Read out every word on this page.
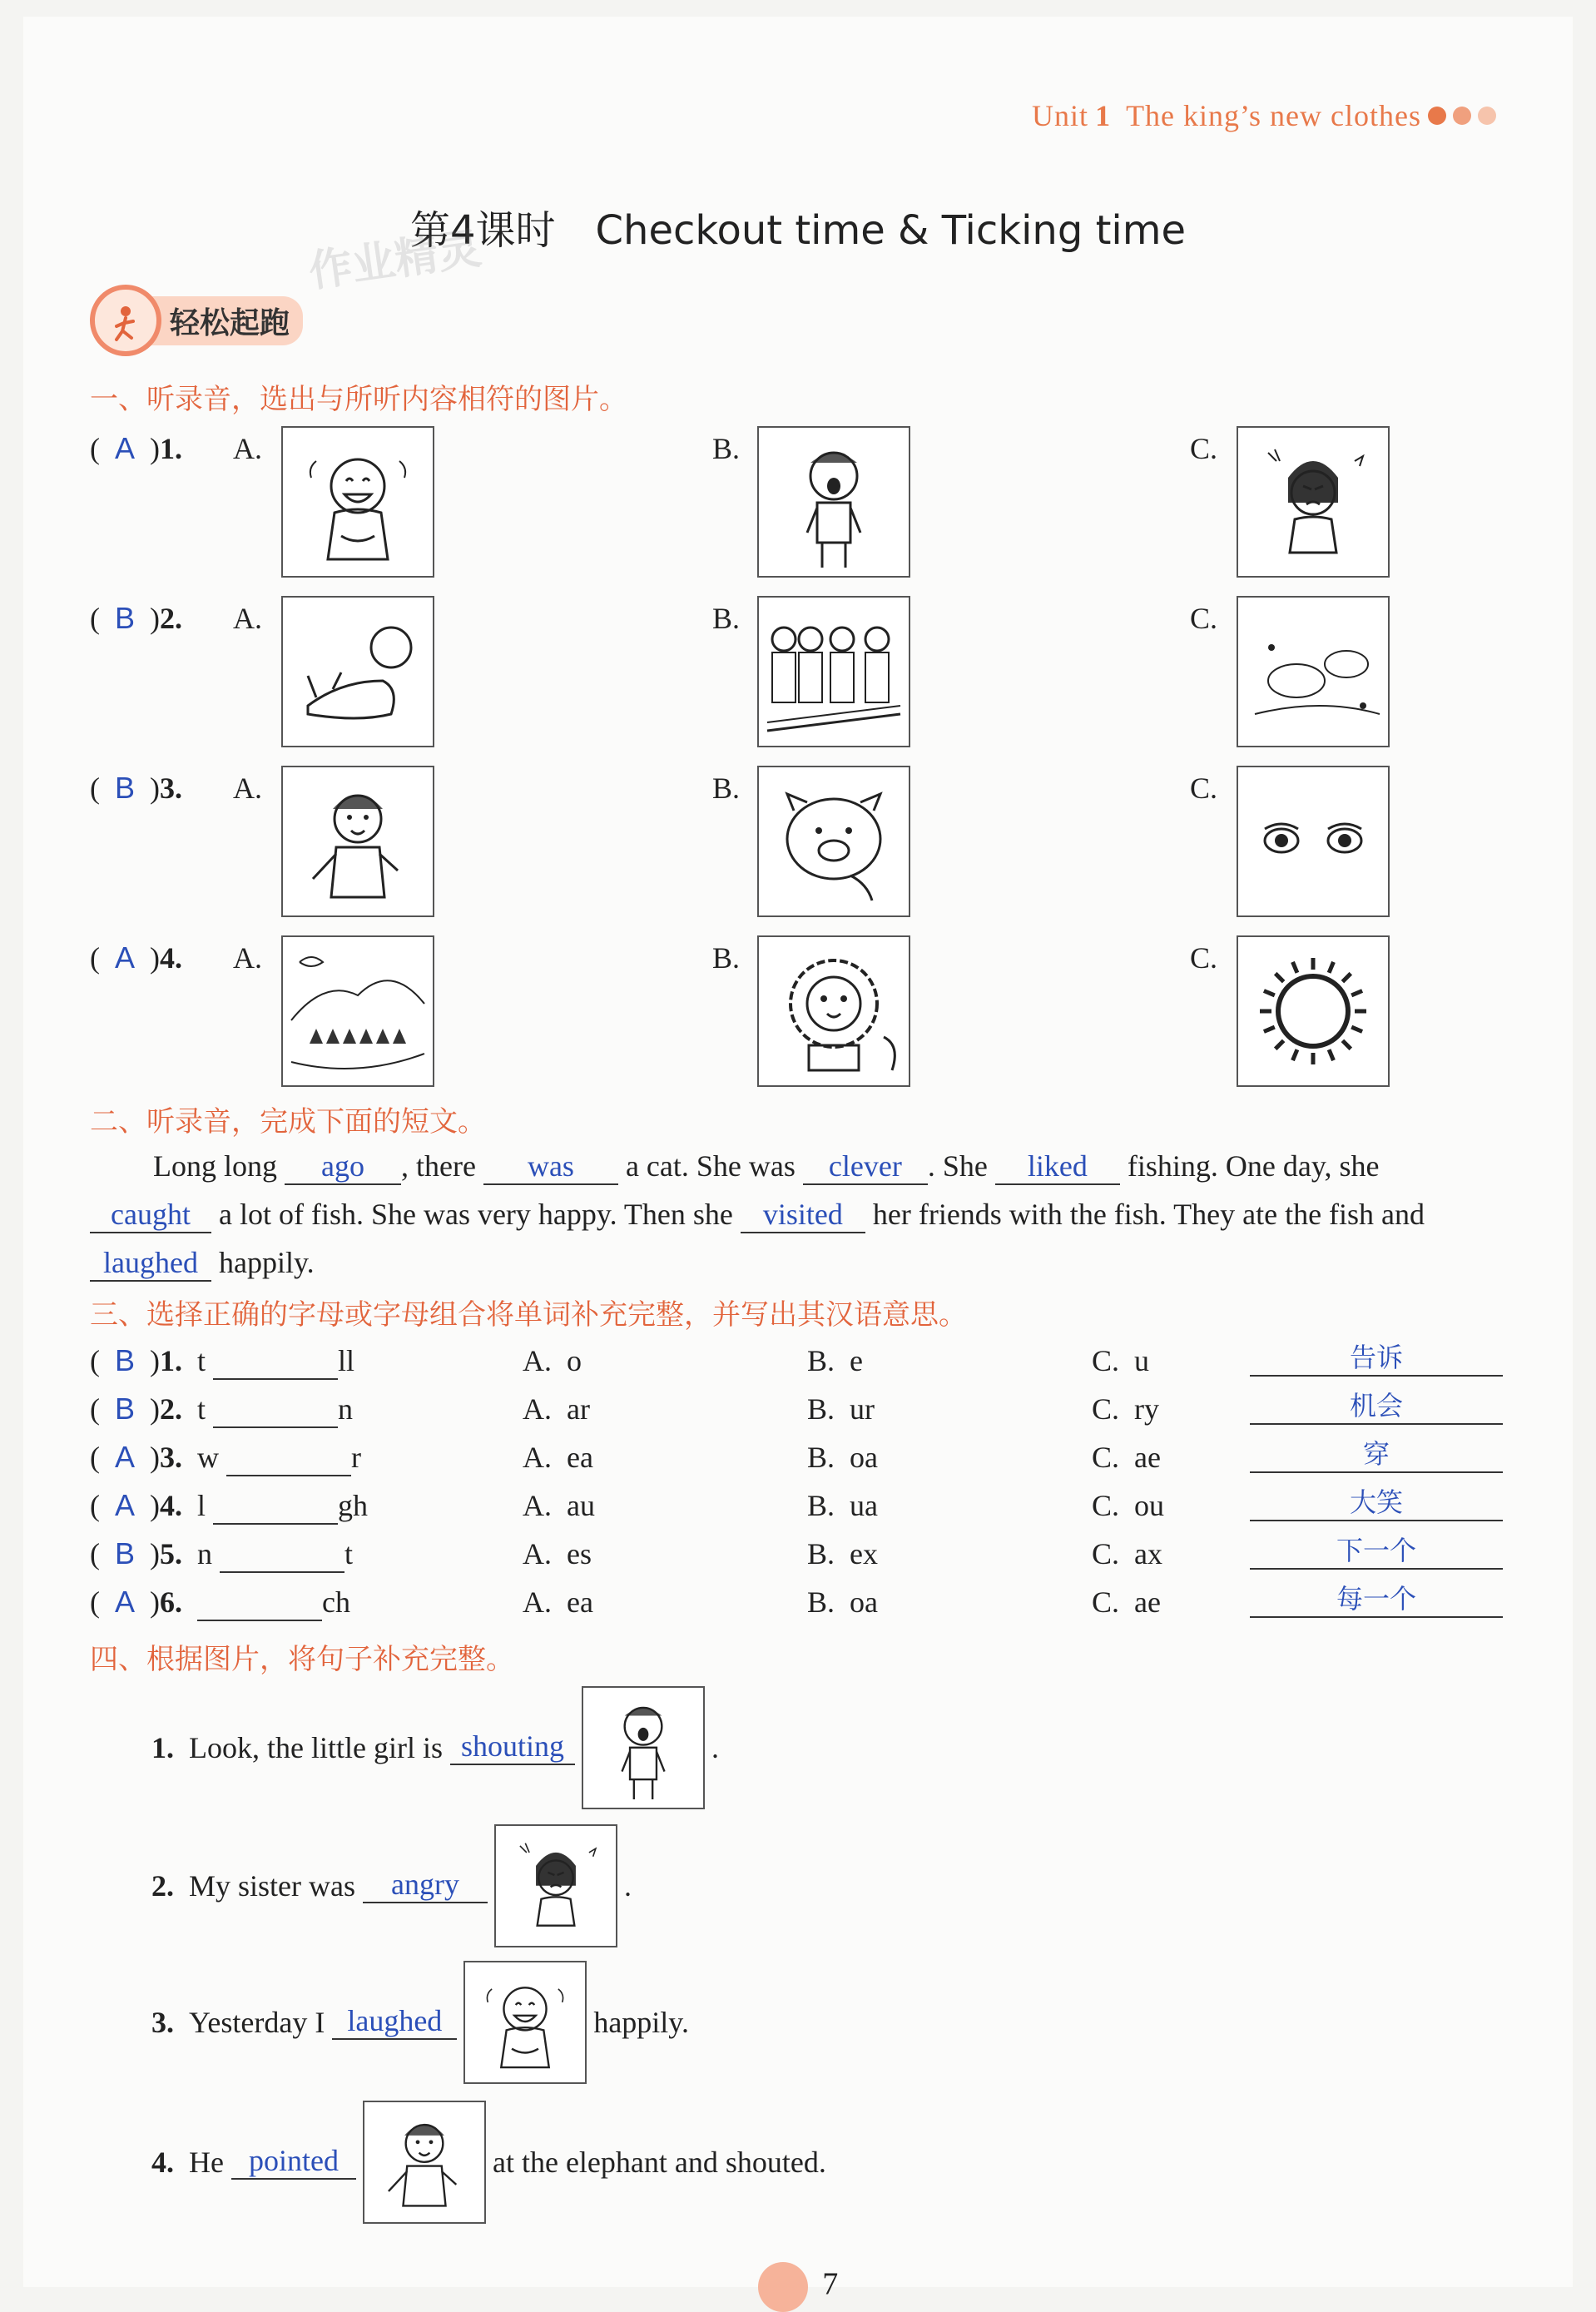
Unit 1 The king’s new clothes
第4课时　Checkout time & Ticking time
作业精灵
轻松起跑
一、听录音，选出与所听内容相符的图片。
(  A  )1. A.	B.	C.
(  B  )2. A.	B.	C.
(  B  )3. A.	B.	C.
(  A  )4. A.	B.	C.
二、听录音，完成下面的短文。
Long long ago , there was a cat. She was clever . She liked fishing. One day, she
caught a lot of fish. She was very happy. Then she visited her friends with the fish. They ate the fish and
laughed happily.
三、选择正确的字母或字母组合将单词补充完整，并写出其汉语意思。
(  B  )1. t	ll	A.  o	B.  e	C.  u	告诉
(  B  )2. t	n	A.  ar	B.  ur	C.  ry	机会
(  A  )3. w	r	A.  ea	B.  oa	C.  ae	穿
(  A  )4. l	gh	A.  au	B.  ua	C.  ou	大笑
(  B  )5. n	t	A.  es	B.  ex	C.  ax	下一个
(  A  )6.	ch	A.  ea	B.  oa	C.  ae	每一个
四、根据图片，将句子补充完整。
1.
Look, the little girl is
shouting	.
2.
My sister was
	angry	.
3.
Yesterday I
laughed	happily.
4.
He
pointed	at the elephant and shouted.
7
